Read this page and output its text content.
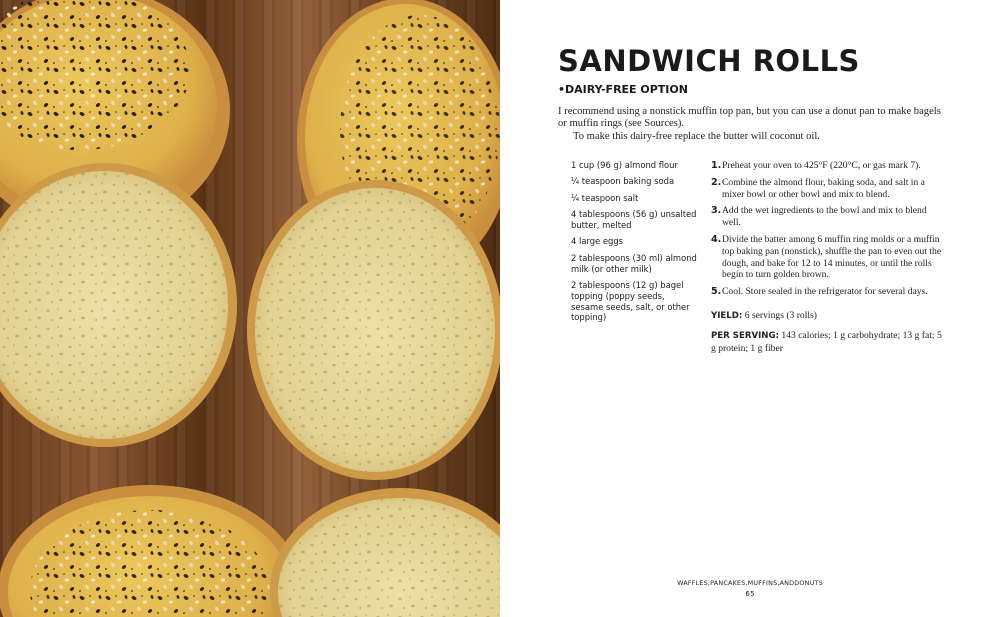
SANDWICH ROLLS
•DAIRY-FREE OPTION

I recommend using a nonstick muffin top pan, but you can use a donut pan to make bagels or muffin rings (see Sources).

To make this dairy-free replace the butter will coconut oil.

1 cup (96 g) almond flour
¼ teaspoon baking soda
¼ teaspoon salt
4 tablespoons (56 g) unsalted butter, melted
4 large eggs
2 tablespoons (30 ml) almond milk (or other milk)
2 tablespoons (12 g) bagel topping (poppy seeds, sesame seeds, salt, or other topping)
1. Preheat your oven to 425°F (220°C, or gas mark 7).
2. Combine the almond flour, baking soda, and salt in a mixer bowl or other bowl and mix to blend.
3. Add the wet ingredients to the bowl and mix to blend well.
4. Divide the batter among 6 muffin ring molds or a muffin top baking pan (nonstick), shuffle the pan to even out the dough, and bake for 12 to 14 minutes, or until the rolls begin to turn golden brown.
5. Cool. Store sealed in the refrigerator for several days.
YIELD: 6 servings (3 rolls)
PER SERVING: 143 calories; 1 g carbohydrate; 13 g fat; 5 g protein; 1 g fiber
WAFFLES,PANCAKES,MUFFINS,ANDDONUTS
65
